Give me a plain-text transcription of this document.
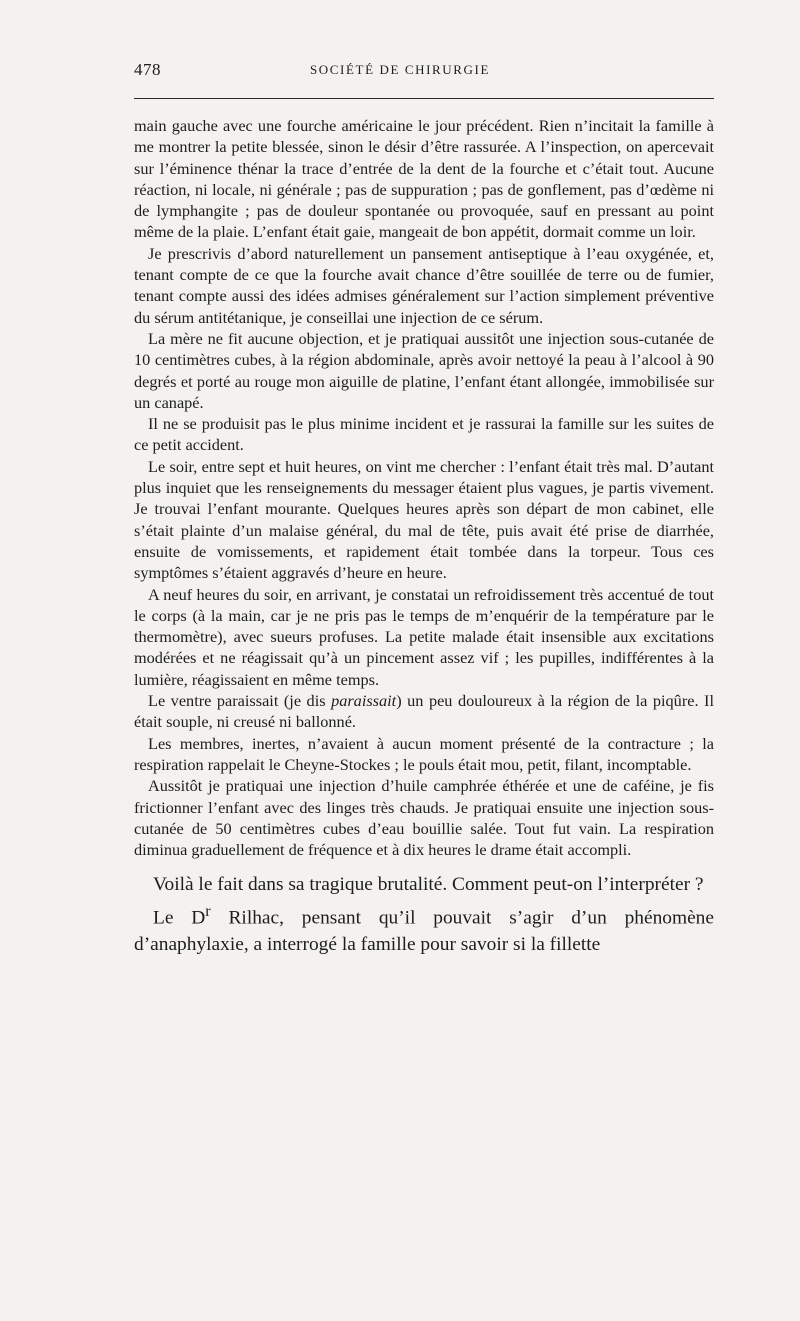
478	SOCIÉTÉ DE CHIRURGIE

main gauche avec une fourche américaine le jour précédent. Rien n’incitait la famille à me montrer la petite blessée, sinon le désir d’être rassurée. A l’inspection, on apercevait sur l’éminence thénar la trace d’entrée de la dent de la fourche et c’était tout. Aucune réaction, ni locale, ni générale ; pas de suppuration ; pas de gonflement, pas d’œdème ni de lymphangite ; pas de douleur spontanée ou provoquée, sauf en pressant au point même de la plaie. L’enfant était gaie, mangeait de bon appétit, dormait comme un loir.

Je prescrivis d’abord naturellement un pansement antiseptique à l’eau oxygénée, et, tenant compte de ce que la fourche avait chance d’être souillée de terre ou de fumier, tenant compte aussi des idées admises généralement sur l’action simplement préventive du sérum antitétanique, je conseillai une injection de ce sérum.

La mère ne fit aucune objection, et je pratiquai aussitôt une injection sous-cutanée de 10 centimètres cubes, à la région abdominale, après avoir nettoyé la peau à l’alcool à 90 degrés et porté au rouge mon aiguille de platine, l’enfant étant allongée, immobilisée sur un canapé.

Il ne se produisit pas le plus minime incident et je rassurai la famille sur les suites de ce petit accident.

Le soir, entre sept et huit heures, on vint me chercher : l’enfant était très mal. D’autant plus inquiet que les renseignements du messager étaient plus vagues, je partis vivement. Je trouvai l’enfant mourante. Quelques heures après son départ de mon cabinet, elle s’était plainte d’un malaise général, du mal de tête, puis avait été prise de diarrhée, ensuite de vomissements, et rapidement était tombée dans la torpeur. Tous ces symptômes s’étaient aggravés d’heure en heure.

A neuf heures du soir, en arrivant, je constatai un refroidissement très accentué de tout le corps (à la main, car je ne pris pas le temps de m’enquérir de la température par le thermomètre), avec sueurs profuses. La petite malade était insensible aux excitations modérées et ne réagissait qu’à un pincement assez vif ; les pupilles, indifférentes à la lumière, réagissaient en même temps.

Le ventre paraissait (je dis paraissait) un peu douloureux à la région de la piqûre. Il était souple, ni creusé ni ballonné.

Les membres, inertes, n’avaient à aucun moment présenté de la contracture ; la respiration rappelait le Cheyne-Stockes ; le pouls était mou, petit, filant, incomptable.

Aussitôt je pratiquai une injection d’huile camphrée éthérée et une de caféine, je fis frictionner l’enfant avec des linges très chauds. Je pratiquai ensuite une injection sous-cutanée de 50 centimètres cubes d’eau bouillie salée. Tout fut vain. La respiration diminua graduellement de fréquence et à dix heures le drame était accompli.

Voilà le fait dans sa tragique brutalité. Comment peut-on l’interpréter ?

Le $D^r$ Rilhac, pensant qu’il pouvait s’agir d’un phénomène d’anaphylaxie, a interrogé la famille pour savoir si la fillette
